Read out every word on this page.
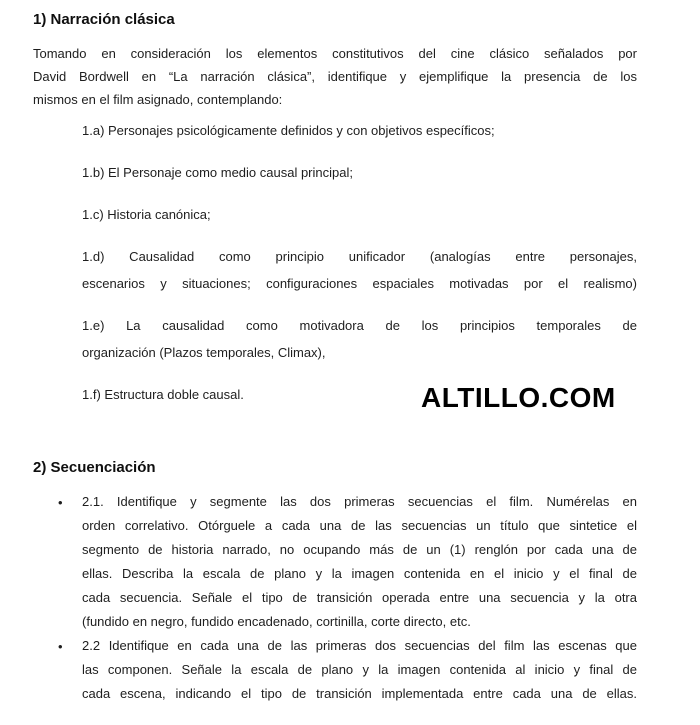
1) Narración clásica
Tomando en consideración los elementos constitutivos del cine clásico señalados por
David Bordwell en “La narración clásica”, identifique y ejemplifique la presencia de los
mismos en el film asignado, contemplando:
1.a) Personajes psicológicamente definidos y con objetivos específicos;
1.b) El Personaje como medio causal principal;
1.c) Historia canónica;
1.d) Causalidad como principio unificador (analogías entre personajes,
escenarios y situaciones; configuraciones espaciales motivadas por el realismo)
1.e) La causalidad como motivadora de los principios temporales de
organización (Plazos temporales, Climax),
1.f) Estructura doble causal.	ALTILLO.COM
2) Secuenciación
• 2.1. Identifique y segmente las dos primeras secuencias el film. Numérelas en
orden correlativo. Otórguele a cada una de las secuencias un título que sintetice el
segmento de historia narrado, no ocupando más de un (1) renglón por cada una de
ellas. Describa la escala de plano y la imagen contenida en el inicio y el final de
cada secuencia. Señale el tipo de transición operada entre una secuencia y la otra
(fundido en negro, fundido encadenado, cortinilla, corte directo, etc.
• 2.2 Identifique en cada una de las primeras dos secuencias del film las escenas que
las componen. Señale la escala de plano y la imagen contenida al inicio y final de
cada escena, indicando el tipo de transición implementada entre cada una de ellas.
